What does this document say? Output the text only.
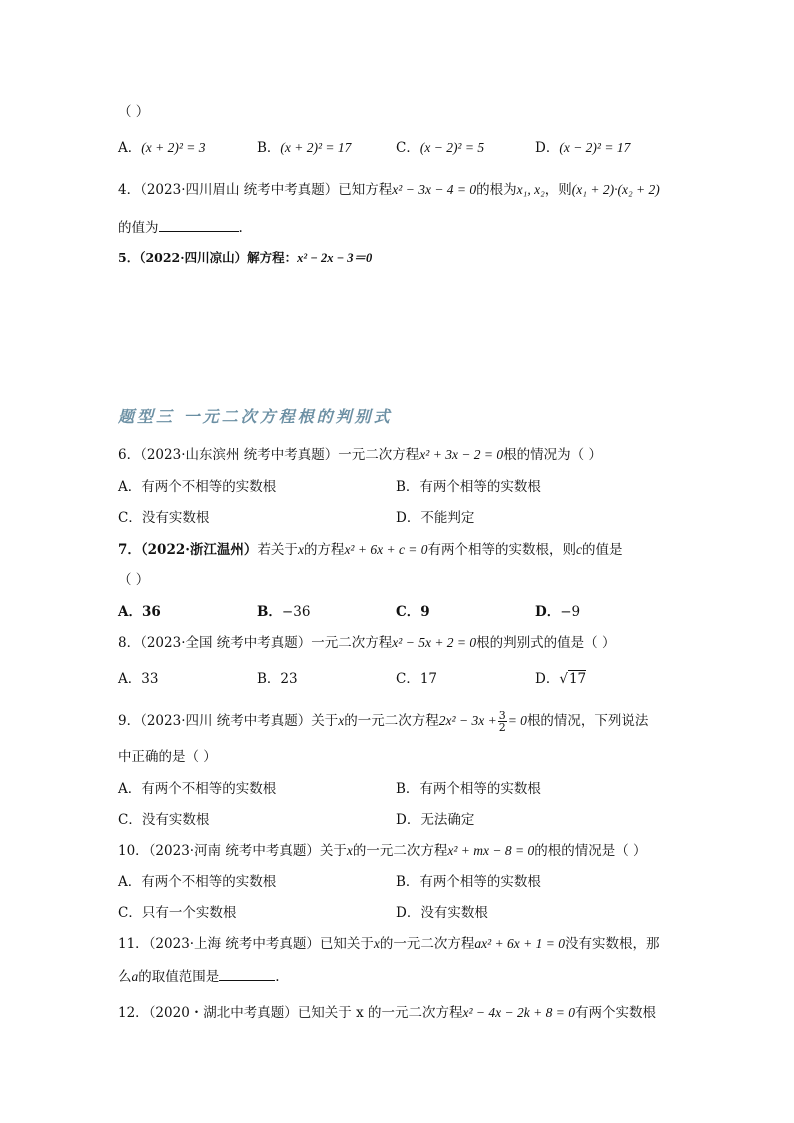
（ ）
A．(x + 2)² = 3	B．(x + 2)² = 17	C．(x − 2)² = 5	D．(x − 2)² = 17
4．（2023·四川眉山 统考中考真题）已知方程x² − 3x − 4 = 0的根为x₁, x₂，则(x₁ + 2)·(x₂ + 2)
的值为	.
5．（2022·四川凉山）解方程：x² − 2x − 3＝0
题型三 一元二次方程根的判别式
6．（2023·山东滨州 统考中考真题）一元二次方程x² + 3x − 2 = 0根的情况为（ ）
A．有两个不相等的实数根	B．有两个相等的实数根
C．没有实数根	D．不能判定
7．（2022·浙江温州）若关于x的方程x² + 6x + c = 0有两个相等的实数根，则c的值是
（ ）
A．36	B．−36	C．9	D．−9
8．（2023·全国 统考中考真题）一元二次方程x² − 5x + 2 = 0根的判别式的值是（ ）
A．33	B．23	C．17	D．√17
9．（2023·四川 统考中考真题）关于x的一元二次方程$2x^2 - 3x + \frac{3}{2} = 0$根的情况，下列说法
中正确的是（ ）
A．有两个不相等的实数根	B．有两个相等的实数根
C．没有实数根	D．无法确定
10．（2023·河南 统考中考真题）关于x的一元二次方程x² + mx − 8 = 0的根的情况是（ ）
A．有两个不相等的实数根	B．有两个相等的实数根
C．只有一个实数根	D．没有实数根
11．（2023·上海 统考中考真题）已知关于x的一元二次方程ax² + 6x + 1 = 0没有实数根，那
么a的取值范围是	.
12．（2020・湖北中考真题）已知关于 x 的一元二次方程x² − 4x − 2k + 8 = 0有两个实数根
